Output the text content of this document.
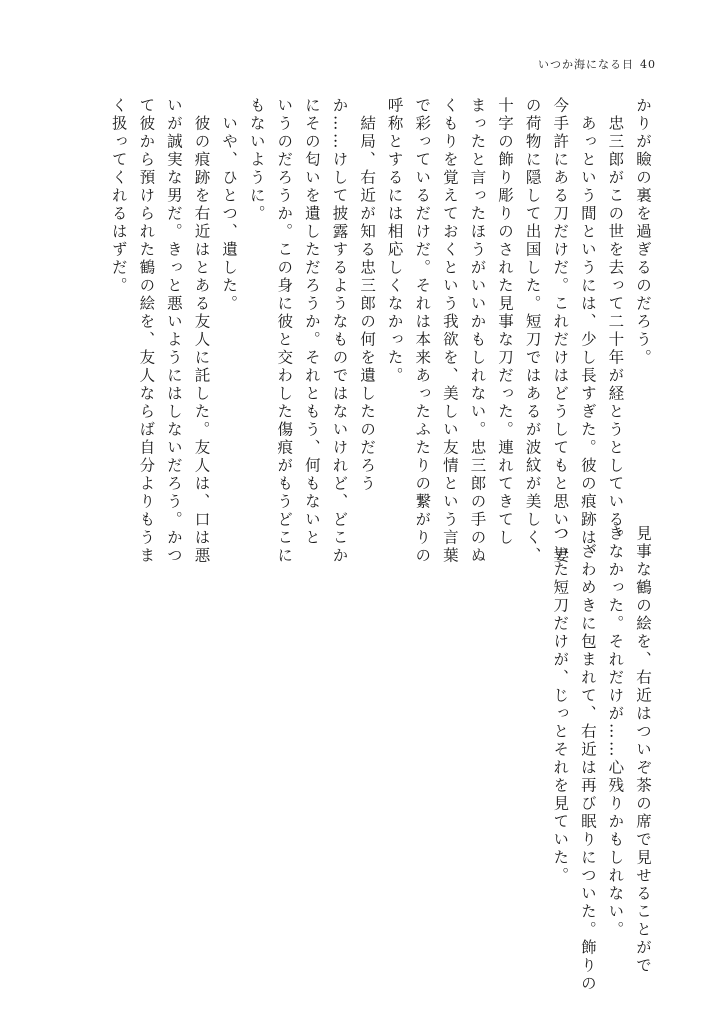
いつか海になる日 40

かりが瞼の裏を過ぎるのだろう。

　忠三郎がこの世を去って二十年が経とうとしている。

　あっという間というには、少し長すぎた。彼の痕跡は、

今手許にある刀だけだ。これだけはどうしてもと思い、妻

の荷物に隠して出国した。短刀ではあるが波紋が美しく、

十字の飾り彫りのされた見事な刀だった。連れてきてし

まったと言ったほうがいいかもしれない。忠三郎の手のぬ

くもりを覚えておくという我欲を、美しい友情という言葉

で彩っているだけだ。それは本来あったふたりの繋がりの

呼称とするには相応しくなかった。

　結局、右近が知る忠三郎の何を遺したのだろう

か……けして披露するようなものではないけれど、どこか

にその匂いを遺しただろうか。それともう、何もないと

いうのだろうか。この身に彼と交わした傷痕がもうどこに

もないように。

　いや、ひとつ、遺した。

　彼の痕跡を右近はとある友人に託した。友人は、口は悪

いが誠実な男だ。きっと悪いようにはしないだろう。かつ

て彼から預けられた鶴の絵を、友人ならば自分よりもうま

く扱ってくれるはずだ。

見事な鶴の絵を、右近はついぞ茶の席で見せることがで

きなかった。それだけが……心残りかもしれない。

　ざわめきに包まれて、右近は再び眠りについた。飾りの

ついた短刀だけが、じっとそれを見ていた。
